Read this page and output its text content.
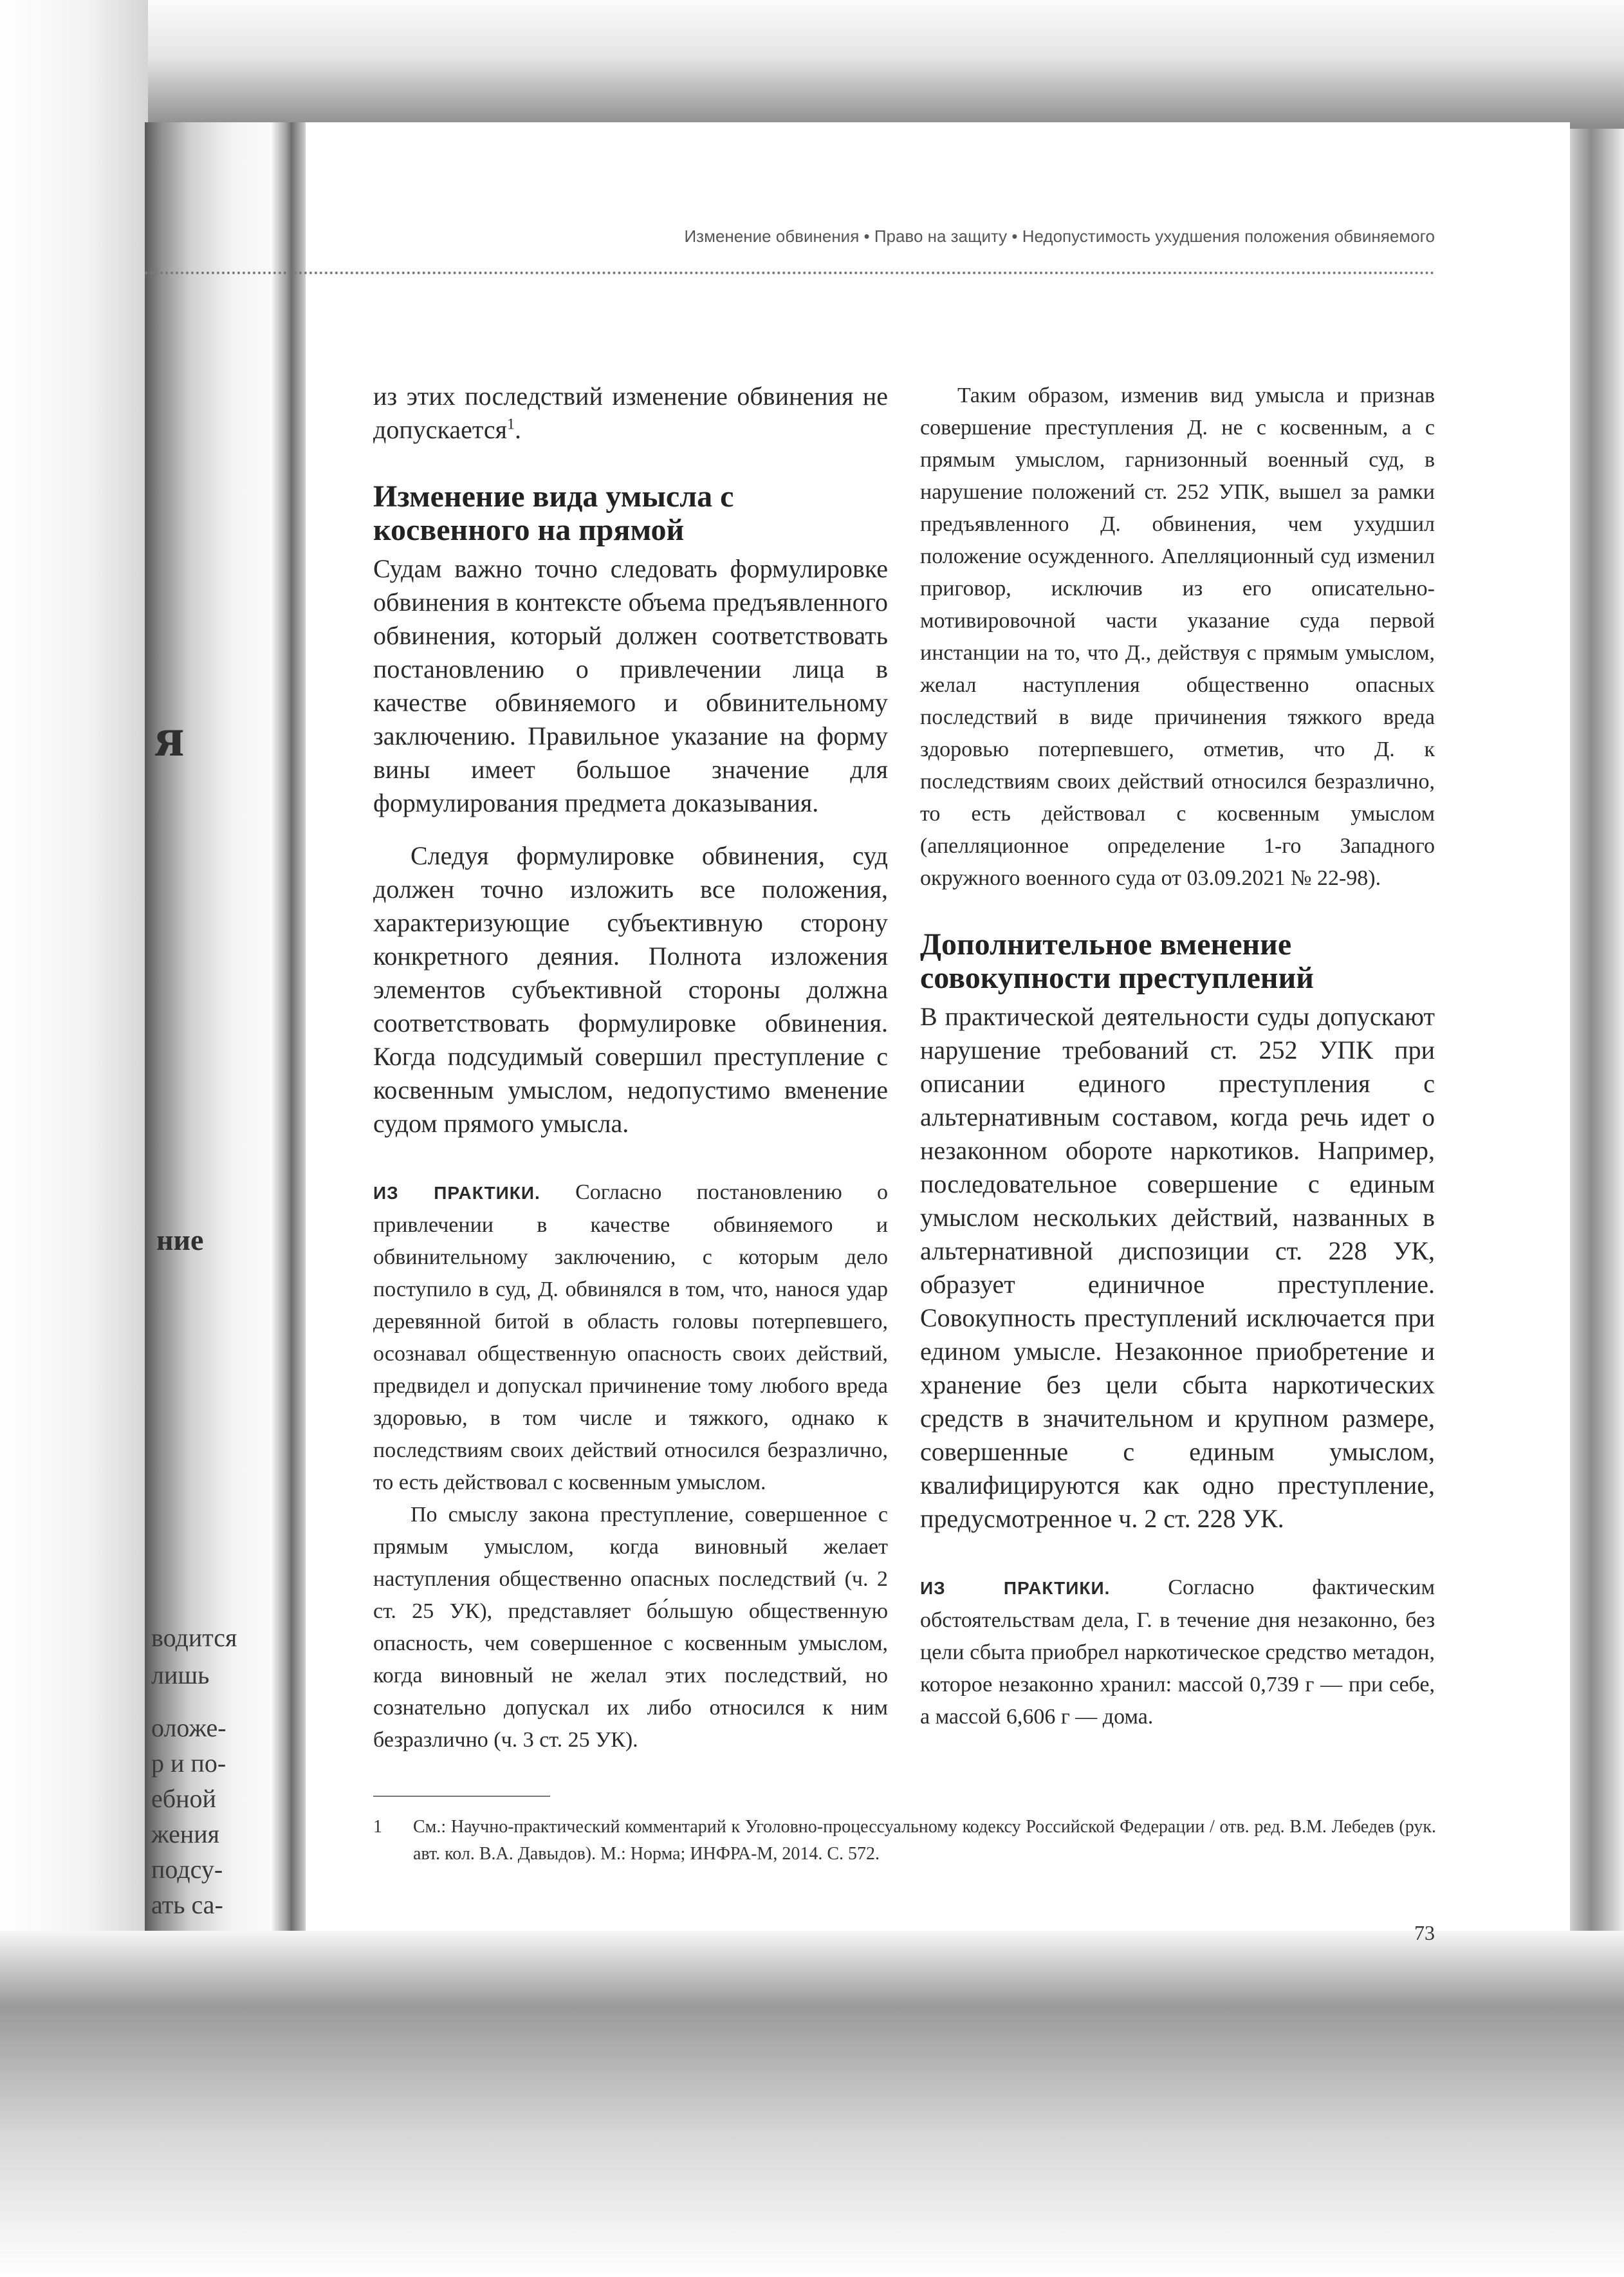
я
ние
водится
лишь
оложе-
р и по-
ебной
жения
подсу-
ать са-
Изменение обвинения • Право на защиту • Недопустимость ухудшения положения обвиняемого

из этих последствий изменение обвинения не допускается$^1$.

Изменение вида умысла с косвенного на прямой

Судам важно точно следовать формулировке обвинения в контексте объема предъявленного обвинения, который должен соответствовать постановлению о привлечении лица в качестве обвиняемого и обвинительному заключению. Правильное указание на форму вины имеет большое значение для формулирования предмета доказывания.

Следуя формулировке обвинения, суд должен точно изложить все положения, характеризующие субъективную сторону конкретного деяния. Полнота изложения элементов субъективной стороны должна соответствовать формулировке обвинения. Когда подсудимый совершил преступление с косвенным умыслом, недопустимо вменение судом прямого умысла.

ИЗ ПРАКТИКИ. Согласно постановлению о привлечении в качестве обвиняемого и обвинительному заключению, с которым дело поступило в суд, Д. обвинялся в том, что, нанося удар деревянной битой в область головы потерпевшего, осознавал общественную опасность своих действий, предвидел и допускал причинение тому любого вреда здоровью, в том числе и тяжкого, однако к последствиям своих действий относился безразлично, то есть действовал с косвенным умыслом.

По смыслу закона преступление, совершенное с прямым умыслом, когда виновный желает наступления общественно опасных последствий (ч. 2 ст. 25 УК), представляет бо́льшую общественную опасность, чем совершенное с косвенным умыслом, когда виновный не желал этих последствий, но сознательно допускал их либо относился к ним безразлично (ч. 3 ст. 25 УК).

Таким образом, изменив вид умысла и признав совершение преступления Д. не с косвенным, а с прямым умыслом, гарнизонный военный суд, в нарушение положений ст. 252 УПК, вышел за рамки предъявленного Д. обвинения, чем ухудшил положение осужденного. Апелляционный суд изменил приговор, исключив из его описательно-мотивировочной части указание суда первой инстанции на то, что Д., действуя с прямым умыслом, желал наступления общественно опасных последствий в виде причинения тяжкого вреда здоровью потерпевшего, отметив, что Д. к последствиям своих действий относился безразлично, то есть действовал с косвенным умыслом (апелляционное определение 1-го Западного окружного военного суда от 03.09.2021 № 22-98).

Дополнительное вменение совокупности преступлений

В практической деятельности суды допускают нарушение требований ст. 252 УПК при описании единого преступления с альтернативным составом, когда речь идет о незаконном обороте наркотиков. Например, последовательное совершение с единым умыслом нескольких действий, названных в альтернативной диспозиции ст. 228 УК, образует единичное преступление. Совокупность преступлений исключается при едином умысле. Незаконное приобретение и хранение без цели сбыта наркотических средств в значительном и крупном размере, совершенные с единым умыслом, квалифицируются как одно преступление, предусмотренное ч. 2 ст. 228 УК.

ИЗ ПРАКТИКИ.	Согласно фактическим обстоятельствам дела, Г. в течение дня незаконно, без цели сбыта приобрел наркотическое средство метадон, которое незаконно хранил: массой 0,739 г — при себе, а массой 6,606 г — дома.

1 См.: Научно-практический комментарий к Уголовно-процессуальному кодексу Российской Федерации / отв. ред. В.М. Лебедев (рук. авт. кол. В.А. Давыдов). М.: Норма; ИНФРА-М, 2014. С. 572.
73
